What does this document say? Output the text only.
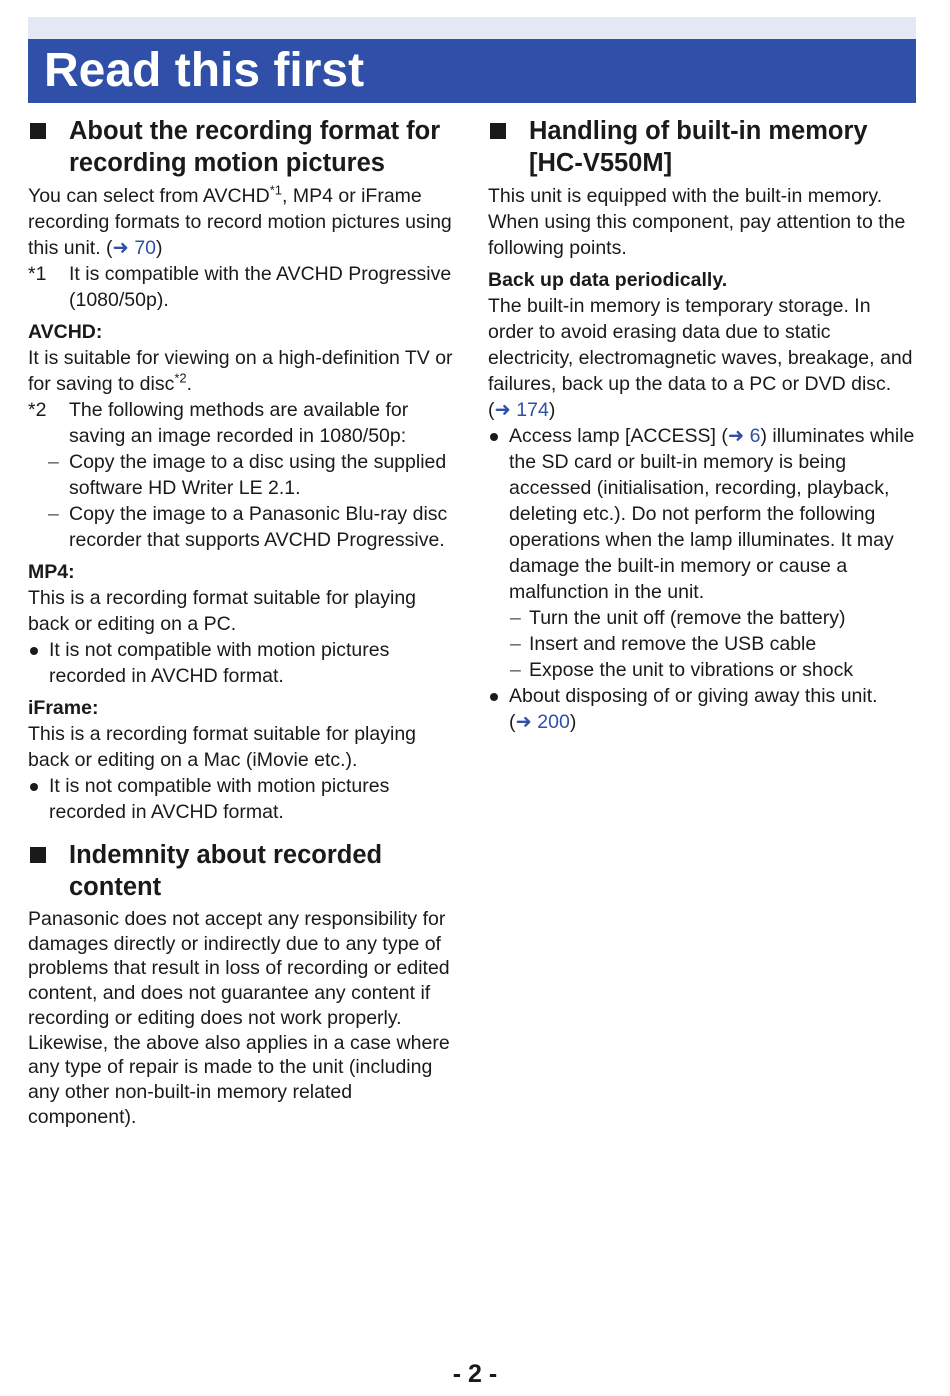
Read this first
About the recording format for
recording motion pictures

You can select from AVCHD$^{*1}$, MP4 or iFrame recording formats to record motion pictures using this unit. (➜ 70)

*1 It is compatible with the AVCHD Progressive (1080/50p).

AVCHD:

It is suitable for viewing on a high-definition TV or for saving to disc$^{*2}$.

*2 The following methods are available for saving an image recorded in 1080/50p:
– Copy the image to a disc using the supplied software HD Writer LE 2.1.
– Copy the image to a Panasonic Blu-ray disc recorder that supports AVCHD Progressive.

MP4:

This is a recording format suitable for playing back or editing on a PC.

It is not compatible with motion pictures recorded in AVCHD format.

iFrame:

This is a recording format suitable for playing back or editing on a Mac (iMovie etc.).

It is not compatible with motion pictures recorded in AVCHD format.
Indemnity about recorded
content

Panasonic does not accept any responsibility for damages directly or indirectly due to any type of problems that result in loss of recording or edited content, and does not guarantee any content if recording or editing does not work properly. Likewise, the above also applies in a case where any type of repair is made to the unit (including any other non-built-in memory related component).

Handling of built-in memory
[HC-V550M]

This unit is equipped with the built-in memory. When using this component, pay attention to the following points.

Back up data periodically.

The built-in memory is temporary storage. In order to avoid erasing data due to static electricity, electromagnetic waves, breakage, and failures, back up the data to a PC or DVD disc. (➜ 174)

Access lamp [ACCESS] (➜ 6) illuminates while the SD card or built-in memory is being accessed (initialisation, recording, playback, deleting etc.). Do not perform the following operations when the lamp illuminates. It may damage the built-in memory or cause a malfunction in the unit.
– Turn the unit off (remove the battery)
– Insert and remove the USB cable
– Expose the unit to vibrations or shock
About disposing of or giving away this unit.
(➜ 200)
- 2 -
